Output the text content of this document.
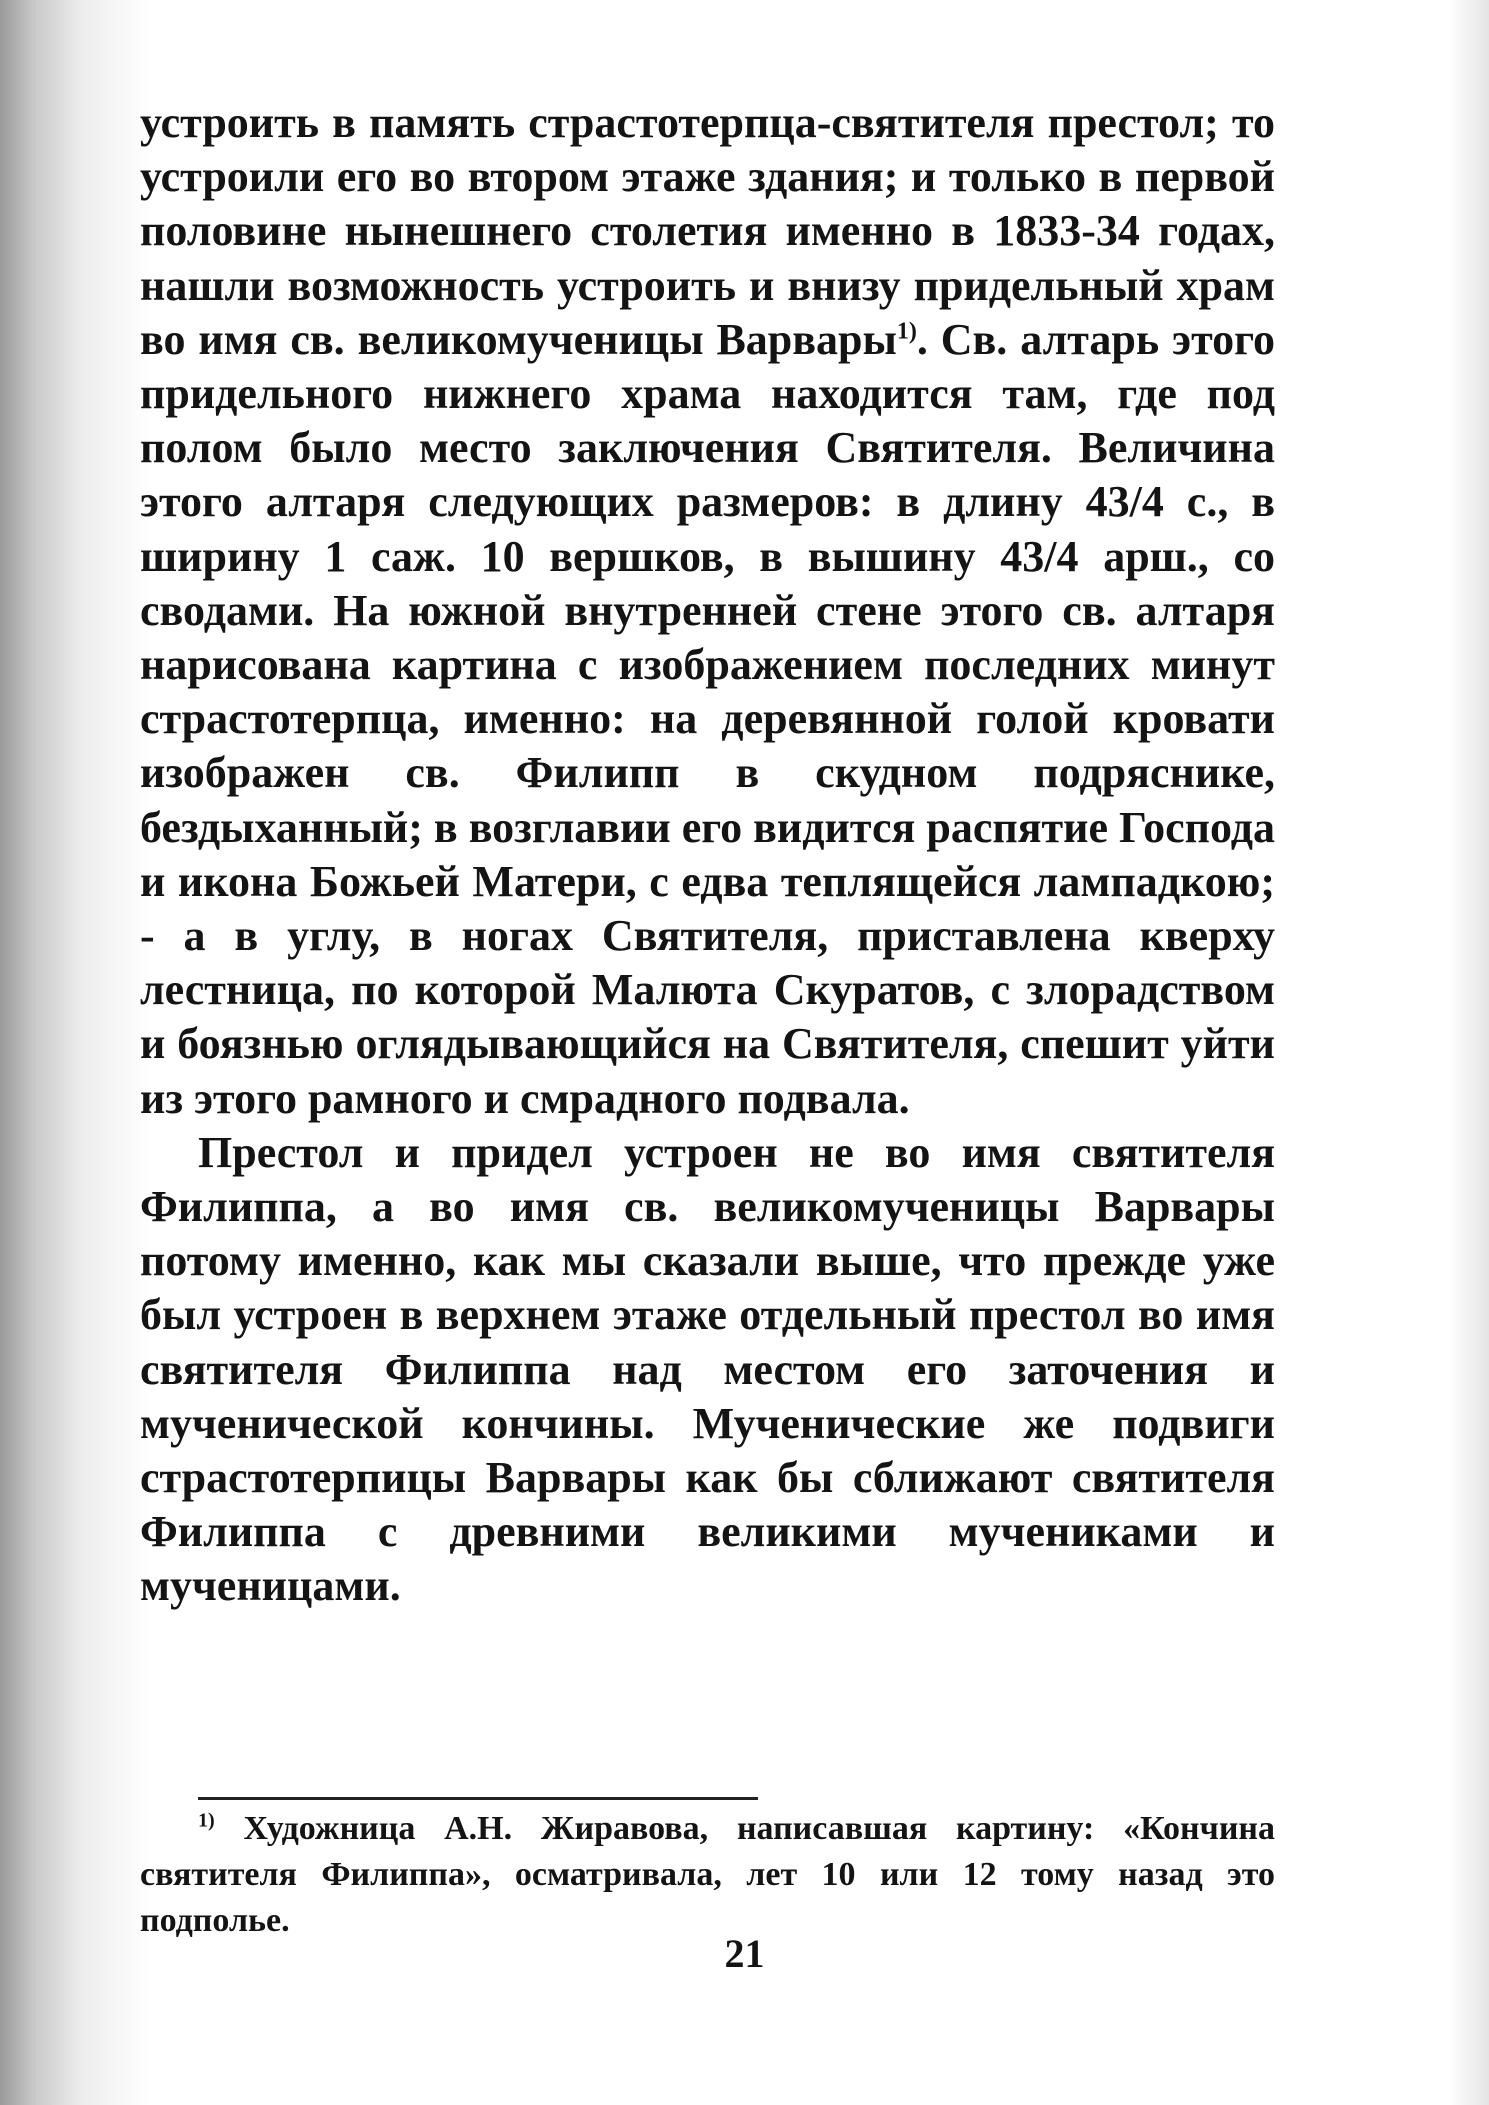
устроить в память страстотерпца-святителя престол; то устроили его во втором этаже здания; и только в первой половине нынешнего столетия именно в 1833-34 годах, нашли возможность устроить и внизу придельный храм во имя св. великомученицы Варвары$^{1)}$. Св. алтарь этого придельного нижнего храма находится там, где под полом было место заключения Святителя. Величина этого алтаря следующих размеров: в длину 43/4 с., в ширину 1 саж. 10 вершков, в вышину 43/4 арш., со сводами. На южной внутренней стене этого св. алтаря нарисована картина с изображением последних минут страстотерпца, именно: на деревянной голой кровати изображен св. Филипп в скудном подряснике, бездыханный; в возглавии его видится распятие Господа и икона Божьей Матери, с едва теплящейся лампадкою; - а в углу, в ногах Святителя, приставлена кверху лестница, по которой Малюта Скуратов, с злорадством и боязнью оглядывающийся на Святителя, спешит уйти из этого рамного и смрадного подвала.

Престол и придел устроен не во имя святителя Филиппа, а во имя св. великомученицы Варвары потому именно, как мы сказали выше, что прежде уже был устроен в верхнем этаже отдельный престол во имя святителя Филиппа над местом его заточения и мученической кончины. Мученические же подвиги страстотерпицы Варвары как бы сближают святителя Филиппа с древними великими мучениками и мученицами.

$^{1)}$ Художница А.Н. Жиравова, написавшая картину: «Кончина святителя Филиппа», осматривала, лет 10 или 12 тому назад это подполье.

21
